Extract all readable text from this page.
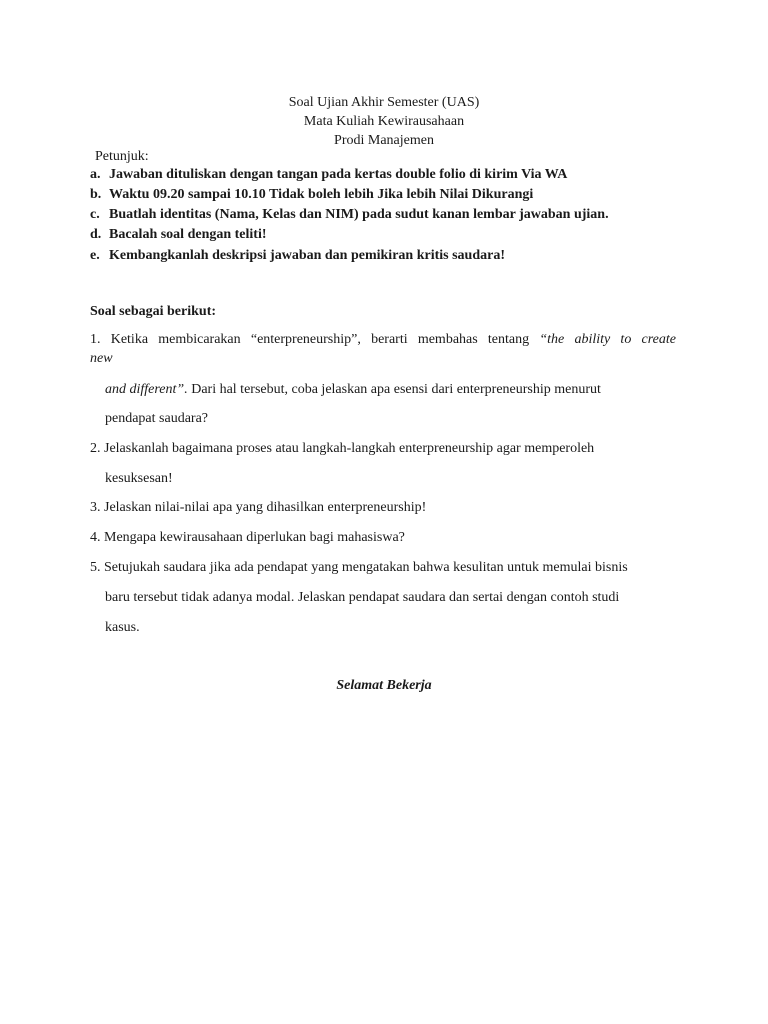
Soal Ujian Akhir Semester (UAS)
Mata Kuliah Kewirausahaan
Prodi Manajemen
Petunjuk:
a. Jawaban dituliskan dengan tangan pada kertas double folio di kirim Via WA
b. Waktu 09.20 sampai 10.10 Tidak boleh lebih Jika lebih Nilai Dikurangi
c. Buatlah identitas (Nama, Kelas dan NIM) pada sudut kanan lembar jawaban ujian.
d. Bacalah soal dengan teliti!
e. Kembangkanlah deskripsi jawaban dan pemikiran kritis saudara!
Soal sebagai berikut:
1. Ketika membicarakan “enterpreneurship”, berarti membahas tentang “the ability to create
new
and different”. Dari hal tersebut, coba jelaskan apa esensi dari enterpreneurship menurut
pendapat saudara?
2. Jelaskanlah bagaimana proses atau langkah-langkah enterpreneurship agar memperoleh
kesuksesan!
3. Jelaskan nilai-nilai apa yang dihasilkan enterpreneurship!
4. Mengapa kewirausahaan diperlukan bagi mahasiswa?
5. Setujukah saudara jika ada pendapat yang mengatakan bahwa kesulitan untuk memulai bisnis
baru tersebut tidak adanya modal. Jelaskan pendapat saudara dan sertai dengan contoh studi
kasus.
Selamat Bekerja
